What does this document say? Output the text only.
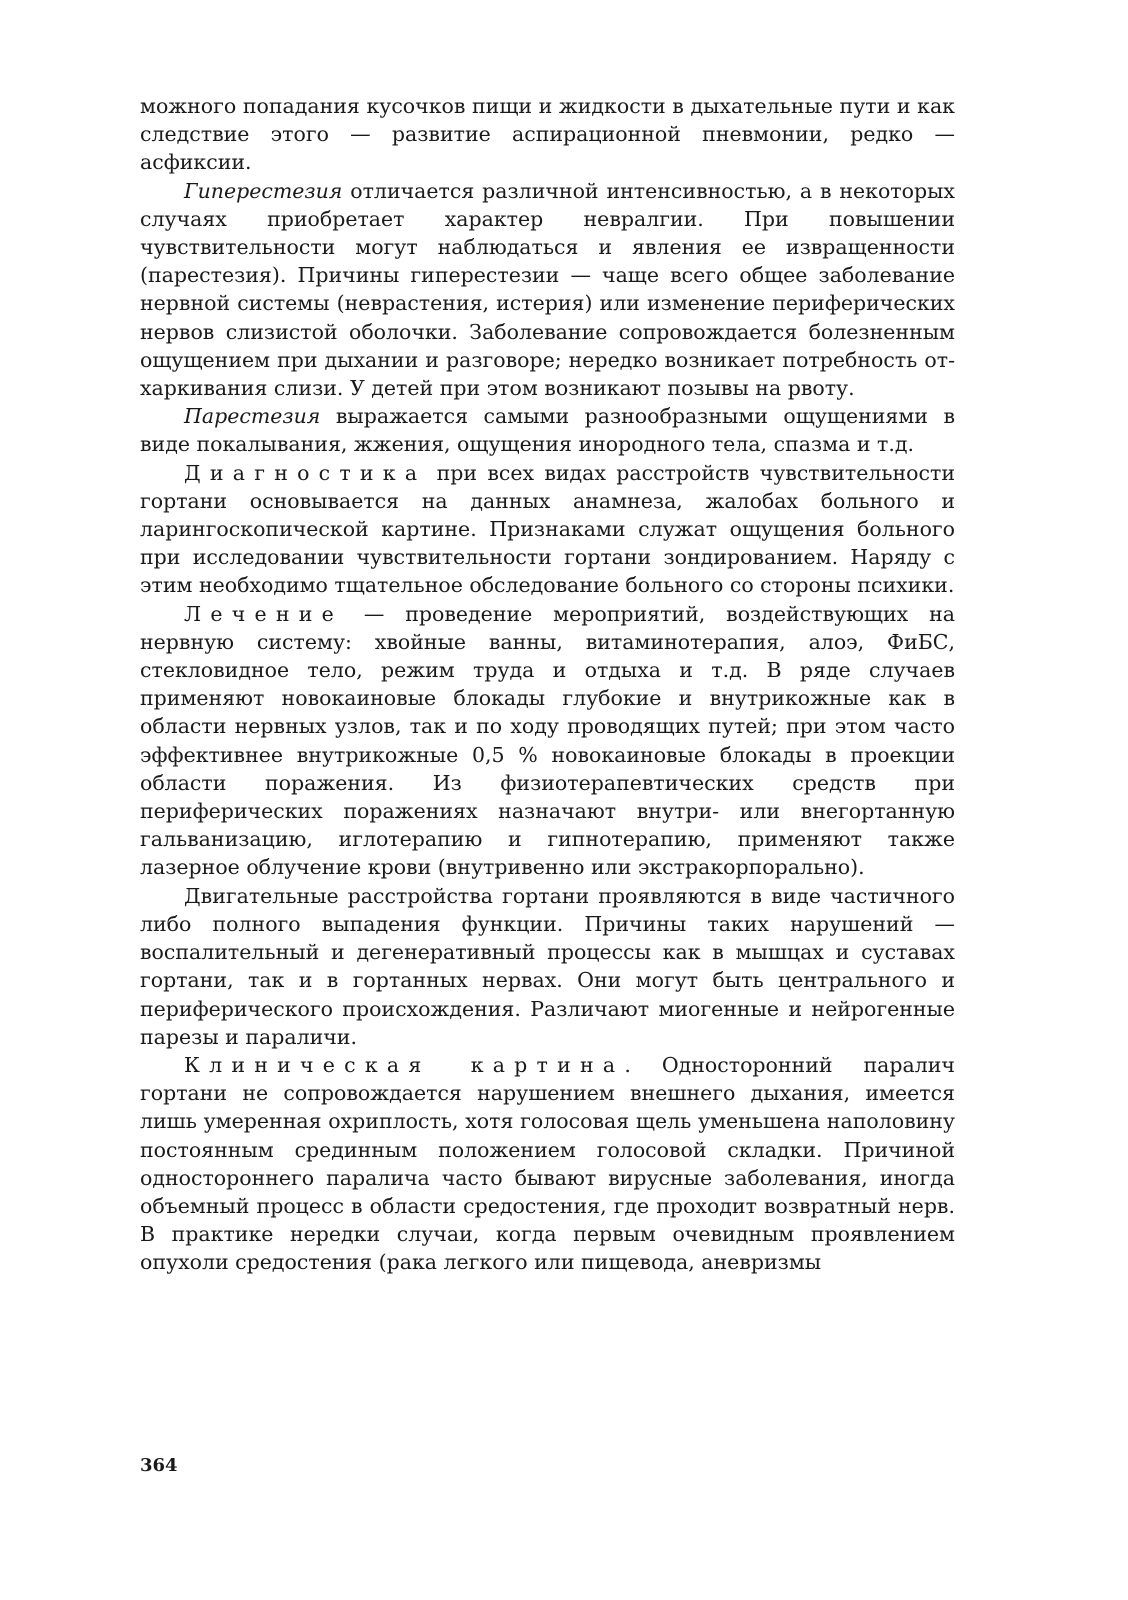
можного попадания кусочков пищи и жидкости в дыхательные пути и как следствие этого — развитие аспирационной пневмонии, редко — асфиксии.

Гиперестезия отличается различной интенсивностью, а в некоторых случаях приобретает характер невралгии. При повышении чувствительности могут наблюдаться и явления ее извращенности (парестезия). Причины гиперестезии — чаще всего общее заболевание нервной системы (неврастения, истерия) или изменение периферических нервов слизистой оболочки. Заболевание сопровождается болезненным ощущением при дыхании и разговоре; нередко возникает потребность отхаркивания слизи. У детей при этом возникают позывы на рвоту.

Парестезия выражается самыми разнообразными ощущениями в виде покалывания, жжения, ощущения инородного тела, спазма и т.д.

Диагностика при всех видах расстройств чувствительности гортани основывается на данных анамнеза, жалобах больного и ларингоскопической картине. Признаками служат ощущения больного при исследовании чувствительности гортани зондированием. Наряду с этим необходимо тщательное обследование больного со стороны психики.

Лечение — проведение мероприятий, воздействующих на нервную систему: хвойные ванны, витаминотерапия, алоэ, ФиБС, стекловидное тело, режим труда и отдыха и т.д. В ряде случаев применяют новокаиновые блокады глубокие и внутрикожные как в области нервных узлов, так и по ходу проводящих путей; при этом часто эффективнее внутрикожные 0,5 % новокаиновые блокады в проекции области поражения. Из физиотерапевтических средств при периферических поражениях назначают внутри- или внегортанную гальванизацию, иглотерапию и гипнотерапию, применяют также лазерное облучение крови (внутривенно или экстракорпорально).

Двигательные расстройства гортани проявляются в виде частичного либо полного выпадения функции. Причины таких нарушений — воспалительный и дегенеративный процессы как в мышцах и суставах гортани, так и в гортанных нервах. Они могут быть центрального и периферического происхождения. Различают миогенные и нейрогенные парезы и параличи.

Клиническая картина. Односторонний паралич гортани не сопровождается нарушением внешнего дыхания, имеется лишь умеренная охриплость, хотя голосовая щель уменьшена наполовину постоянным срединным положением голосовой складки. Причиной одностороннего паралича часто бывают вирусные заболевания, иногда объемный процесс в области средостения, где проходит возвратный нерв. В практике нередки случаи, когда первым очевидным проявлением опухоли средостения (рака легкого или пищевода, аневризмы

364
